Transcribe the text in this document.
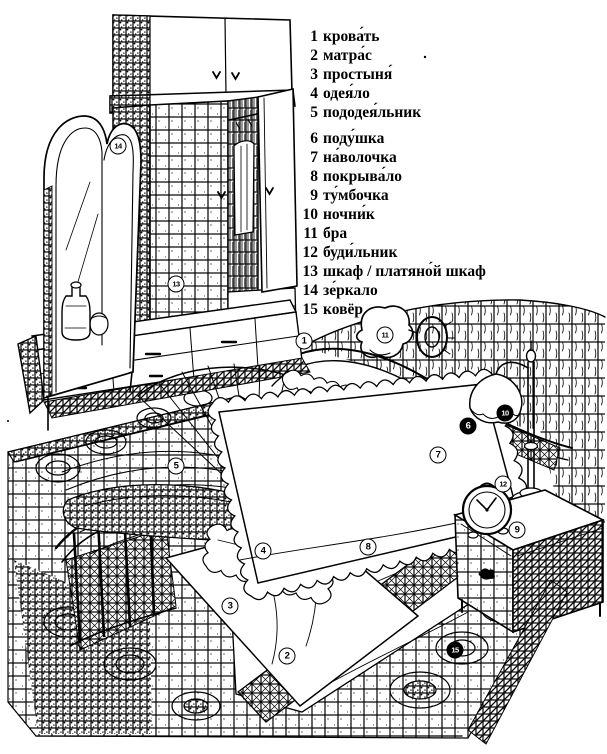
1 крова́ть
2 матра́с
3 простыня́
4 одея́ло
5 пододея́льник
6 поду́шка
7 на́волочка
8 покрыва́ло
9 ту́мбочка
10 ночни́к
11 бра
12 буди́льник
13 шкаф / платяно́й шкаф
14 зе́ркало
15 ковёр
1
2
3
4
5
6
7
8
9
10
11
12
13
14
15
